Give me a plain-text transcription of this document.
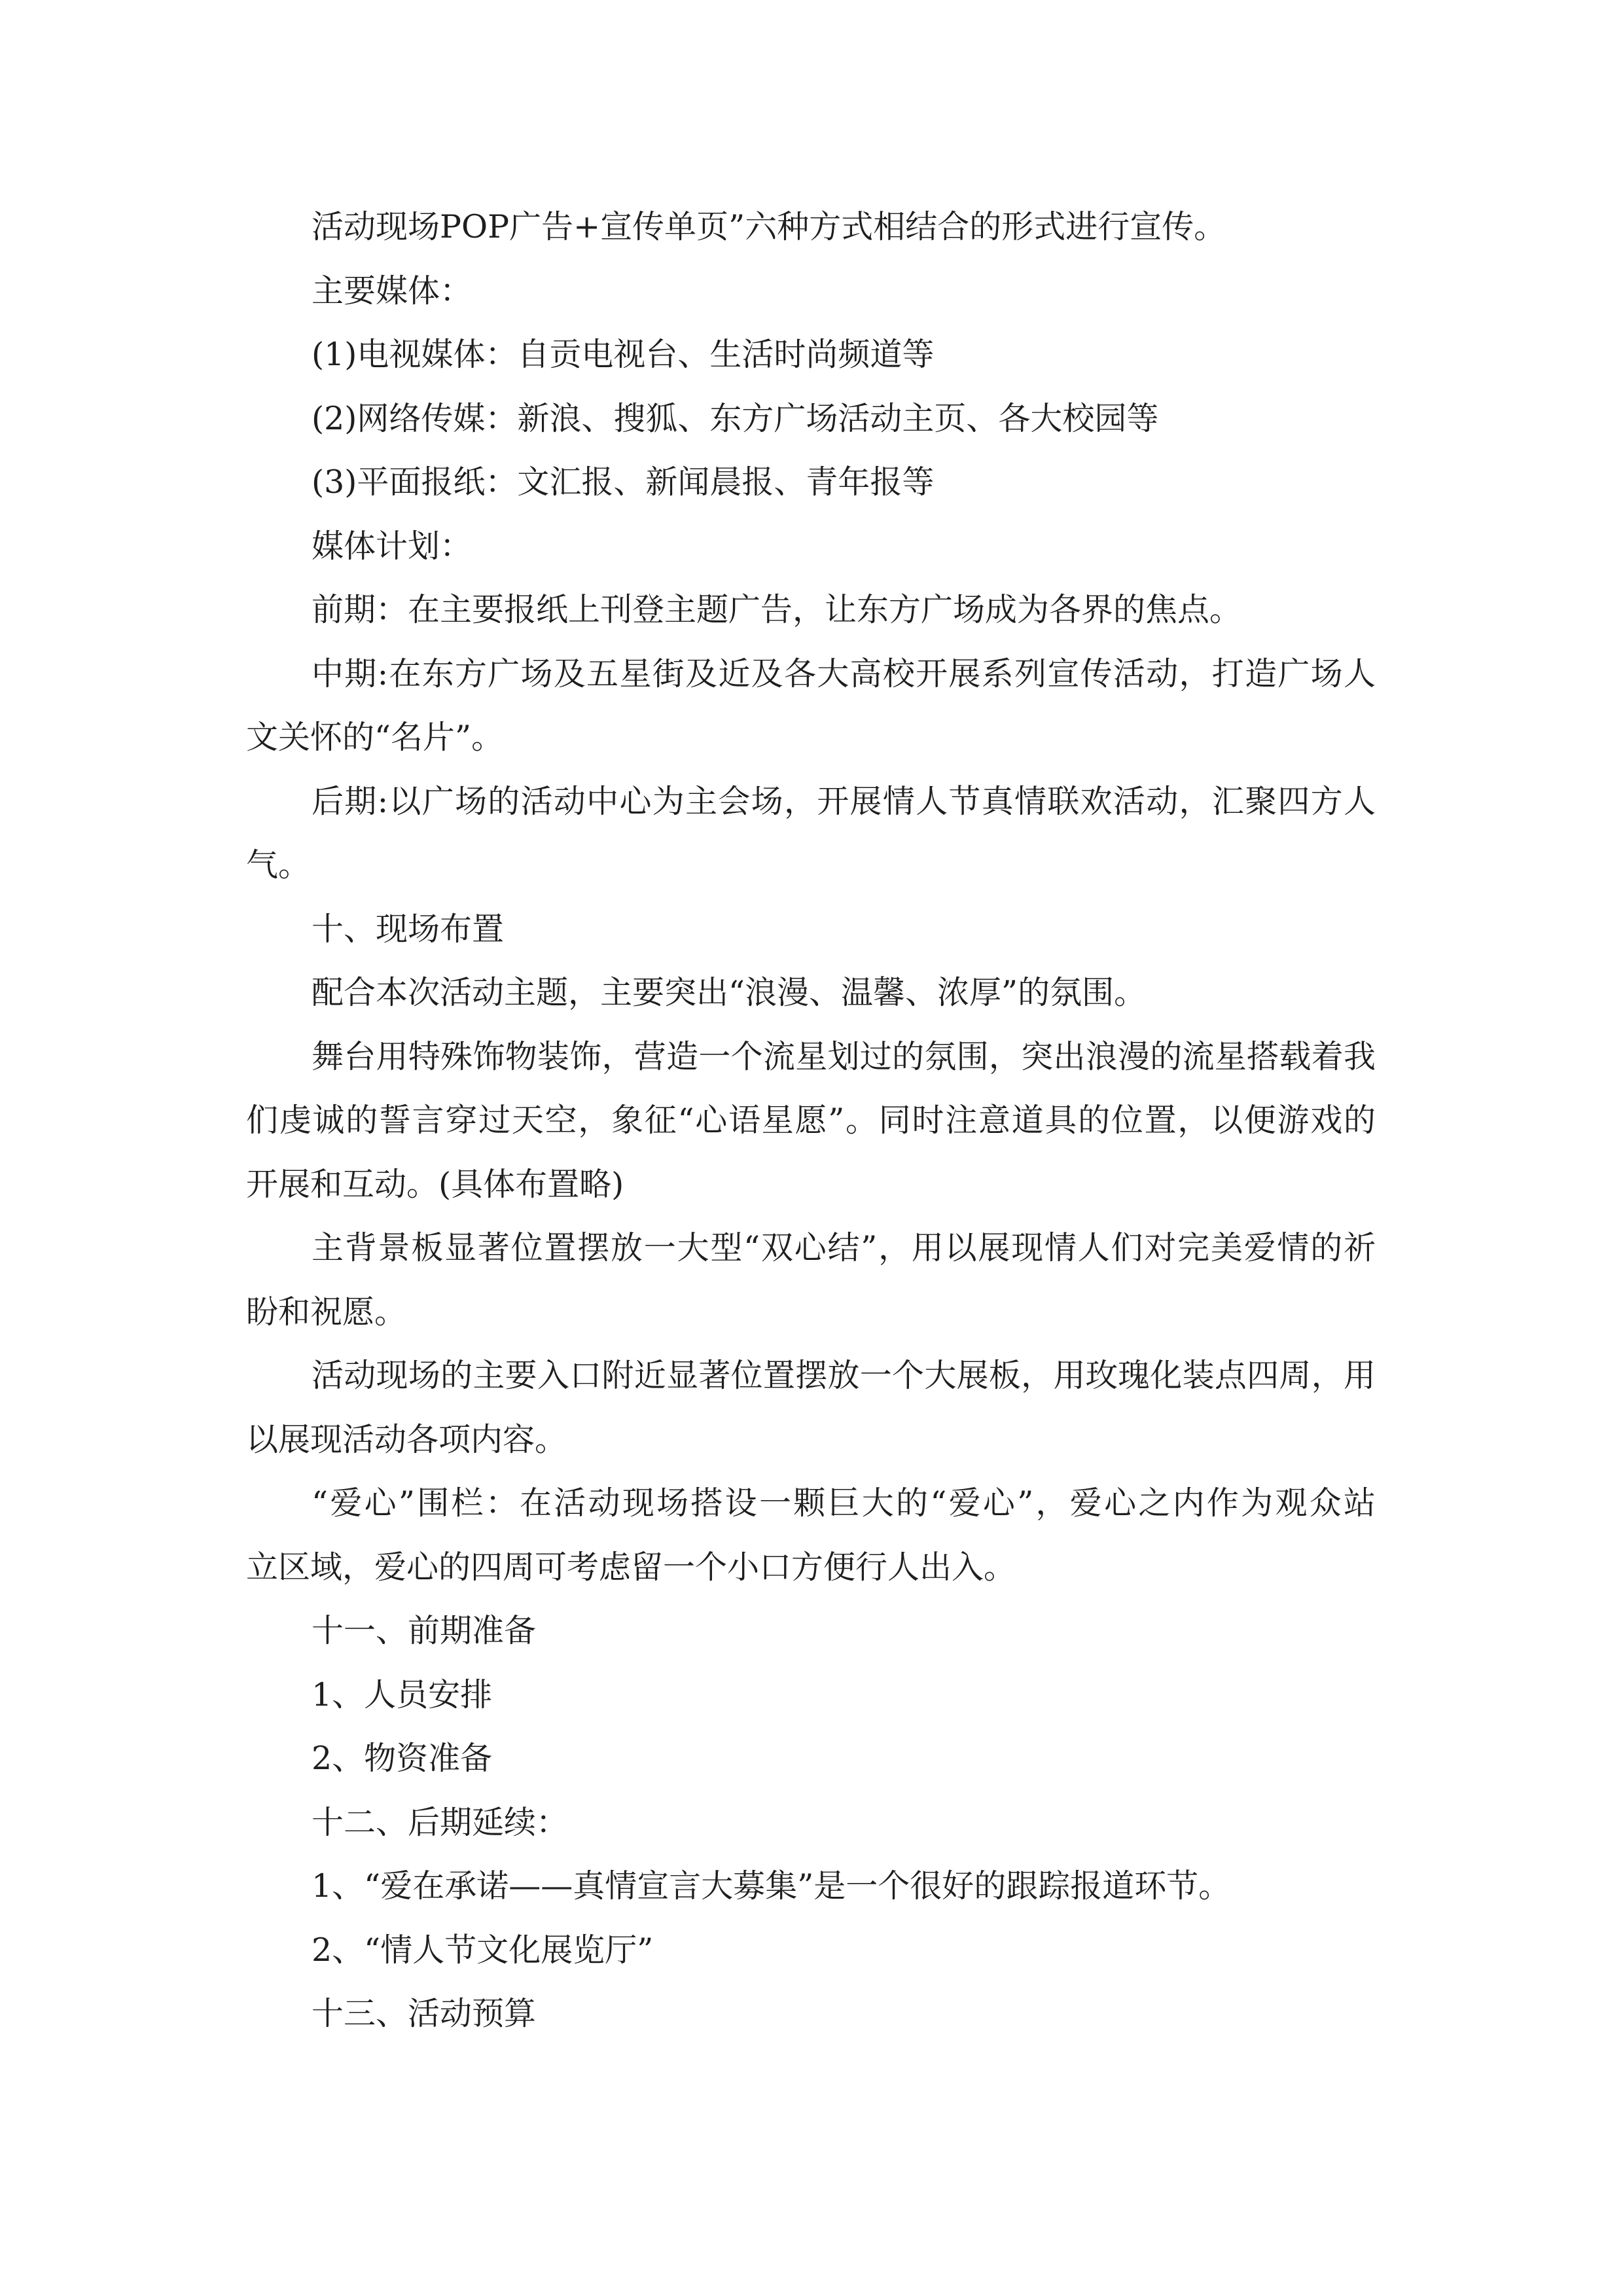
活动现场POP广告+宣传单页”六种方式相结合的形式进行宣传。
主要媒体：
(1)电视媒体：自贡电视台、生活时尚频道等
(2)网络传媒：新浪、搜狐、东方广场活动主页、各大校园等
(3)平面报纸：文汇报、新闻晨报、青年报等
媒体计划：
前期：在主要报纸上刊登主题广告，让东方广场成为各界的焦点。
中期:在东方广场及五星街及近及各大高校开展系列宣传活动，打造广场人
文关怀的“名片”。
后期:以广场的活动中心为主会场，开展情人节真情联欢活动，汇聚四方人
气。
十、现场布置
配合本次活动主题，主要突出“浪漫、温馨、浓厚”的氛围。
舞台用特殊饰物装饰，营造一个流星划过的氛围，突出浪漫的流星搭载着我
们虔诚的誓言穿过天空，象征“心语星愿”。同时注意道具的位置，以便游戏的
开展和互动。(具体布置略)
主背景板显著位置摆放一大型“双心结”，用以展现情人们对完美爱情的祈
盼和祝愿。
活动现场的主要入口附近显著位置摆放一个大展板，用玫瑰化装点四周，用
以展现活动各项内容。
“爱心”围栏：在活动现场搭设一颗巨大的“爱心”，爱心之内作为观众站
立区域，爱心的四周可考虑留一个小口方便行人出入。
十一、前期准备
1、人员安排
2、物资准备
十二、后期延续：
1、“爱在承诺——真情宣言大募集”是一个很好的跟踪报道环节。
2、“情人节文化展览厅”
十三、活动预算
